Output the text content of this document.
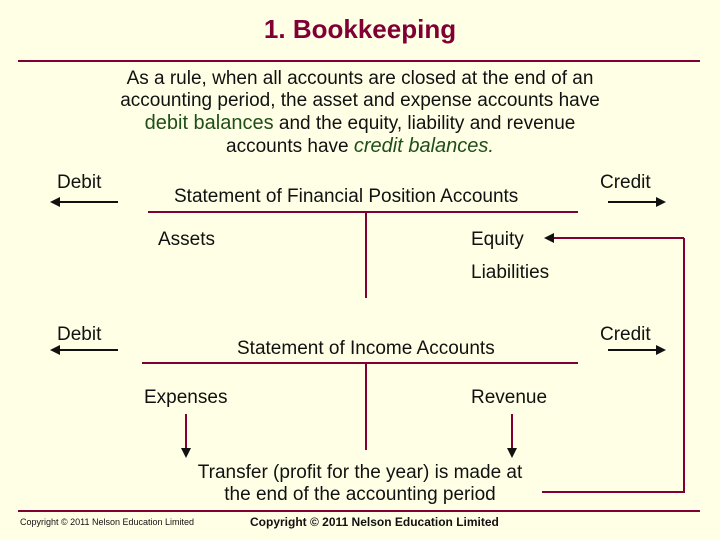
1. Bookkeeping
As a rule, when all accounts are closed at the end of an
accounting period, the asset and expense accounts have
debit balances and the equity, liability and revenue
accounts have credit balances.
Debit	Credit
Statement of Financial Position Accounts
Assets	Equity
Liabilities
Debit	Credit
Statement of Income Accounts
Expenses	Revenue
Transfer (profit for the year) is made at
the end of the accounting period
Copyright © 2011 Nelson Education Limited	Copyright © 2011 Nelson Education Limited
